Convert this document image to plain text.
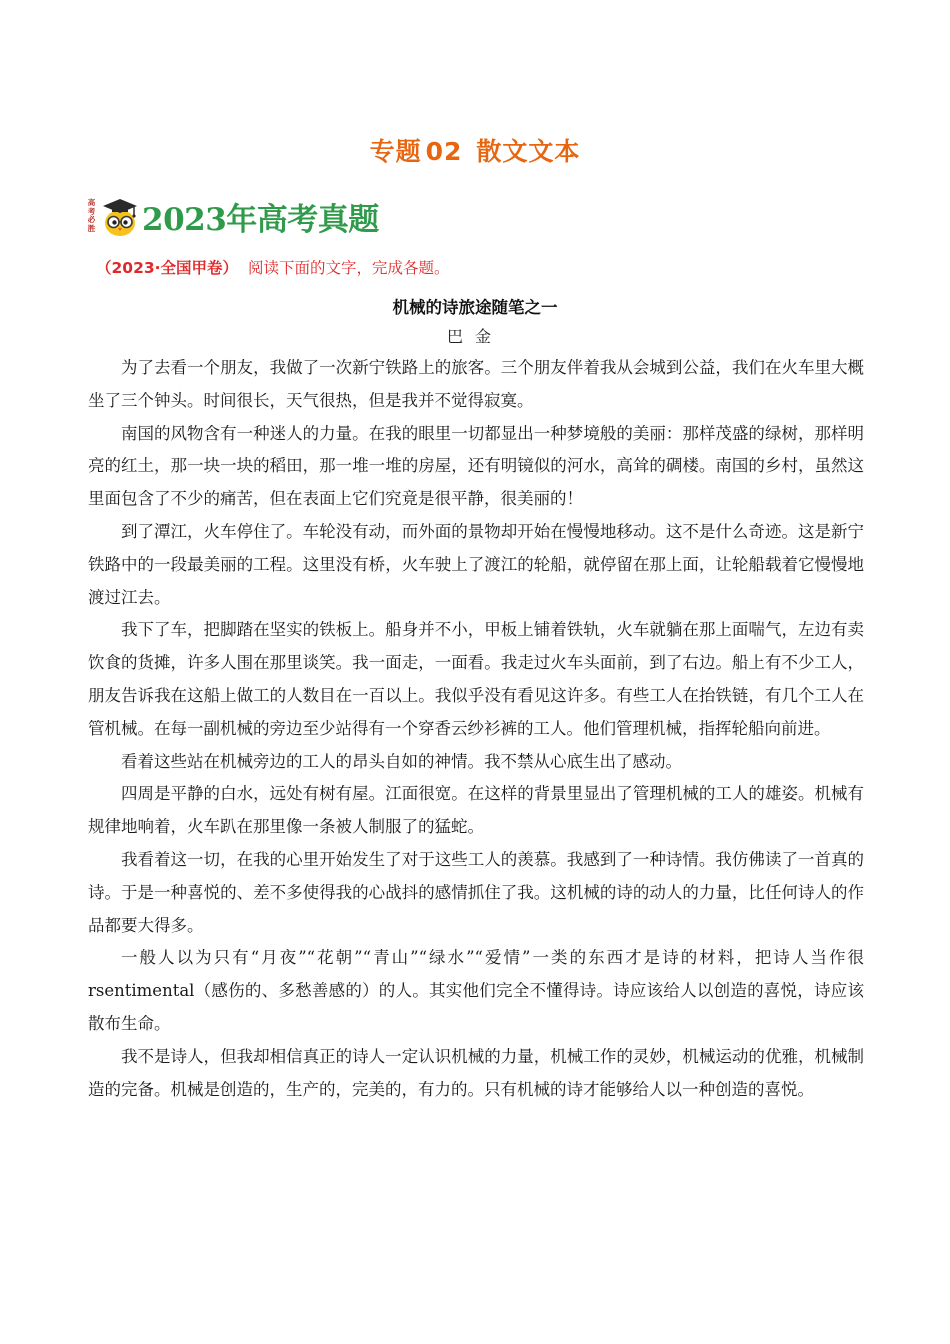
专题 02 散文文本
高考必胜 2023年高考真题
（2023·全国甲卷） 阅读下面的文字，完成各题。
机械的诗旅途随笔之一
巴金

为了去看一个朋友，我做了一次新宁铁路上的旅客。三个朋友伴着我从会城到公益，我们在火车里大概坐了三个钟头。时间很长，天气很热，但是我并不觉得寂寞。

南国的风物含有一种迷人的力量。在我的眼里一切都显出一种梦境般的美丽：那样茂盛的绿树，那样明亮的红土，那一块一块的稻田，那一堆一堆的房屋，还有明镜似的河水，高耸的碉楼。南国的乡村，虽然这里面包含了不少的痛苦，但在表面上它们究竟是很平静，很美丽的！

到了潭江，火车停住了。车轮没有动，而外面的景物却开始在慢慢地移动。这不是什么奇迹。这是新宁铁路中的一段最美丽的工程。这里没有桥，火车驶上了渡江的轮船，就停留在那上面，让轮船载着它慢慢地渡过江去。

我下了车，把脚踏在坚实的铁板上。船身并不小，甲板上铺着铁轨，火车就躺在那上面喘气，左边有卖饮食的货摊，许多人围在那里谈笑。我一面走，一面看。我走过火车头面前，到了右边。船上有不少工人，朋友告诉我在这船上做工的人数目在一百以上。我似乎没有看见这许多。有些工人在抬铁链，有几个工人在管机械。在每一副机械的旁边至少站得有一个穿香云纱衫裤的工人。他们管理机械，指挥轮船向前进。

看着这些站在机械旁边的工人的昂头自如的神情。我不禁从心底生出了感动。

四周是平静的白水，远处有树有屋。江面很宽。在这样的背景里显出了管理机械的工人的雄姿。机械有规律地响着，火车趴在那里像一条被人制服了的猛蛇。

我看着这一切，在我的心里开始发生了对于这些工人的羡慕。我感到了一种诗情。我仿佛读了一首真的诗。于是一种喜悦的、差不多使得我的心战抖的感情抓住了我。这机械的诗的动人的力量，比任何诗人的作品都要大得多。

一般人以为只有“月夜”“花朝”“青山”“绿水”“爱情”一类的东西才是诗的材料，把诗人当作很rsentimental（感伤的、多愁善感的）的人。其实他们完全不懂得诗。诗应该给人以创造的喜悦，诗应该散布生命。

我不是诗人，但我却相信真正的诗人一定认识机械的力量，机械工作的灵妙，机械运动的优雅，机械制造的完备。机械是创造的，生产的，完美的，有力的。只有机械的诗才能够给人以一种创造的喜悦。
